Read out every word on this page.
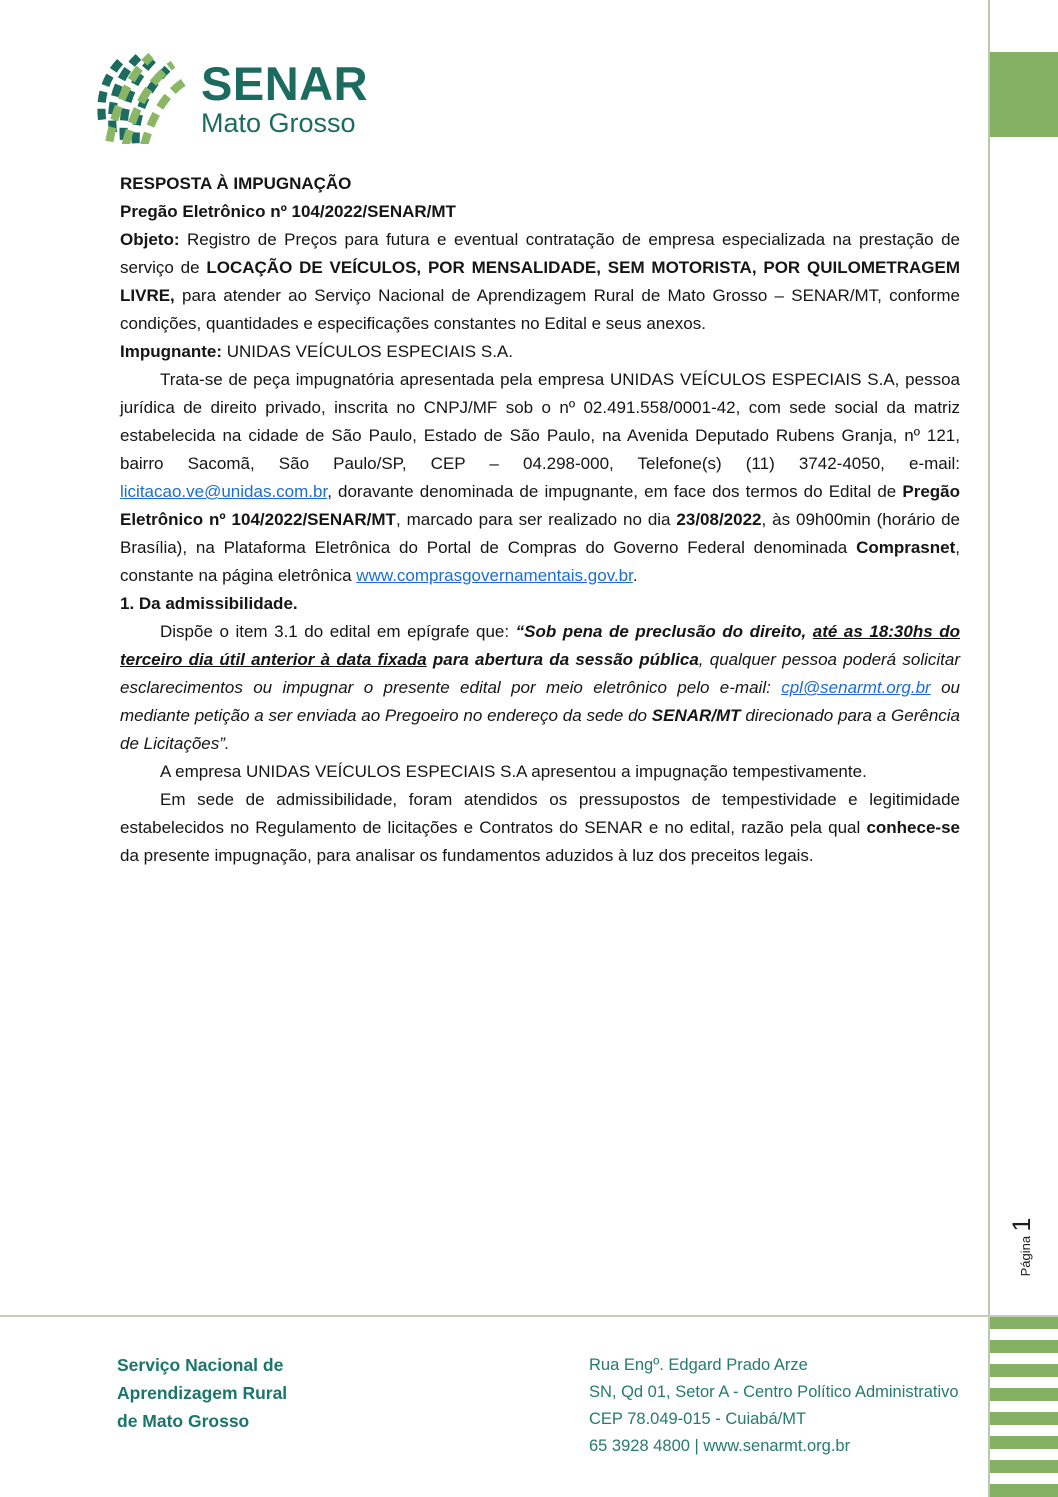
SENAR
Mato Grosso
Página 1

RESPOSTA À IMPUGNAÇÃO

Pregão Eletrônico nº 104/2022/SENAR/MT

Objeto: Registro de Preços para futura e eventual contratação de empresa especializada na prestação de serviço de LOCAÇÃO DE VEÍCULOS, POR MENSALIDADE, SEM MOTORISTA, POR QUILOMETRAGEM LIVRE, para atender ao Serviço Nacional de Aprendizagem Rural de Mato Grosso – SENAR/MT, conforme condições, quantidades e especificações constantes no Edital e seus anexos.

Impugnante: UNIDAS VEÍCULOS ESPECIAIS S.A.

Trata-se de peça impugnatória apresentada pela empresa UNIDAS VEÍCULOS ESPECIAIS S.A, pessoa jurídica de direito privado, inscrita no CNPJ/MF sob o nº 02.491.558/0001-42, com sede social da matriz estabelecida na cidade de São Paulo, Estado de São Paulo, na Avenida Deputado Rubens Granja, nº 121, bairro Sacomã, São Paulo/SP, CEP – 04.298-000, Telefone(s) (11) 3742-4050, e-mail: licitacao.ve@unidas.com.br, doravante denominada de impugnante, em face dos termos do Edital de Pregão Eletrônico nº 104/2022/SENAR/MT, marcado para ser realizado no dia 23/08/2022, às 09h00min (horário de Brasília), na Plataforma Eletrônica do Portal de Compras do Governo Federal denominada Comprasnet, constante na página eletrônica www.comprasgovernamentais.gov.br.

1. Da admissibilidade.

Dispõe o item 3.1 do edital em epígrafe que: “Sob pena de preclusão do direito, até as 18:30hs do terceiro dia útil anterior à data fixada para abertura da sessão pública, qualquer pessoa poderá solicitar esclarecimentos ou impugnar o presente edital por meio eletrônico pelo e-mail: cpl@senarmt.org.br ou mediante petição a ser enviada ao Pregoeiro no endereço da sede do SENAR/MT direcionado para a Gerência de Licitações”.

A empresa UNIDAS VEÍCULOS ESPECIAIS S.A apresentou a impugnação tempestivamente.

Em sede de admissibilidade, foram atendidos os pressupostos de tempestividade e legitimidade estabelecidos no Regulamento de licitações e Contratos do SENAR e no edital, razão pela qual conhece-se da presente impugnação, para analisar os fundamentos aduzidos à luz dos preceitos legais.

Serviço Nacional de
Aprendizagem Rural
de Mato Grosso
Rua Engº. Edgard Prado Arze
SN, Qd 01, Setor A - Centro Político Administrativo
CEP 78.049-015 - Cuiabá/MT
65 3928 4800 | www.senarmt.org.br
